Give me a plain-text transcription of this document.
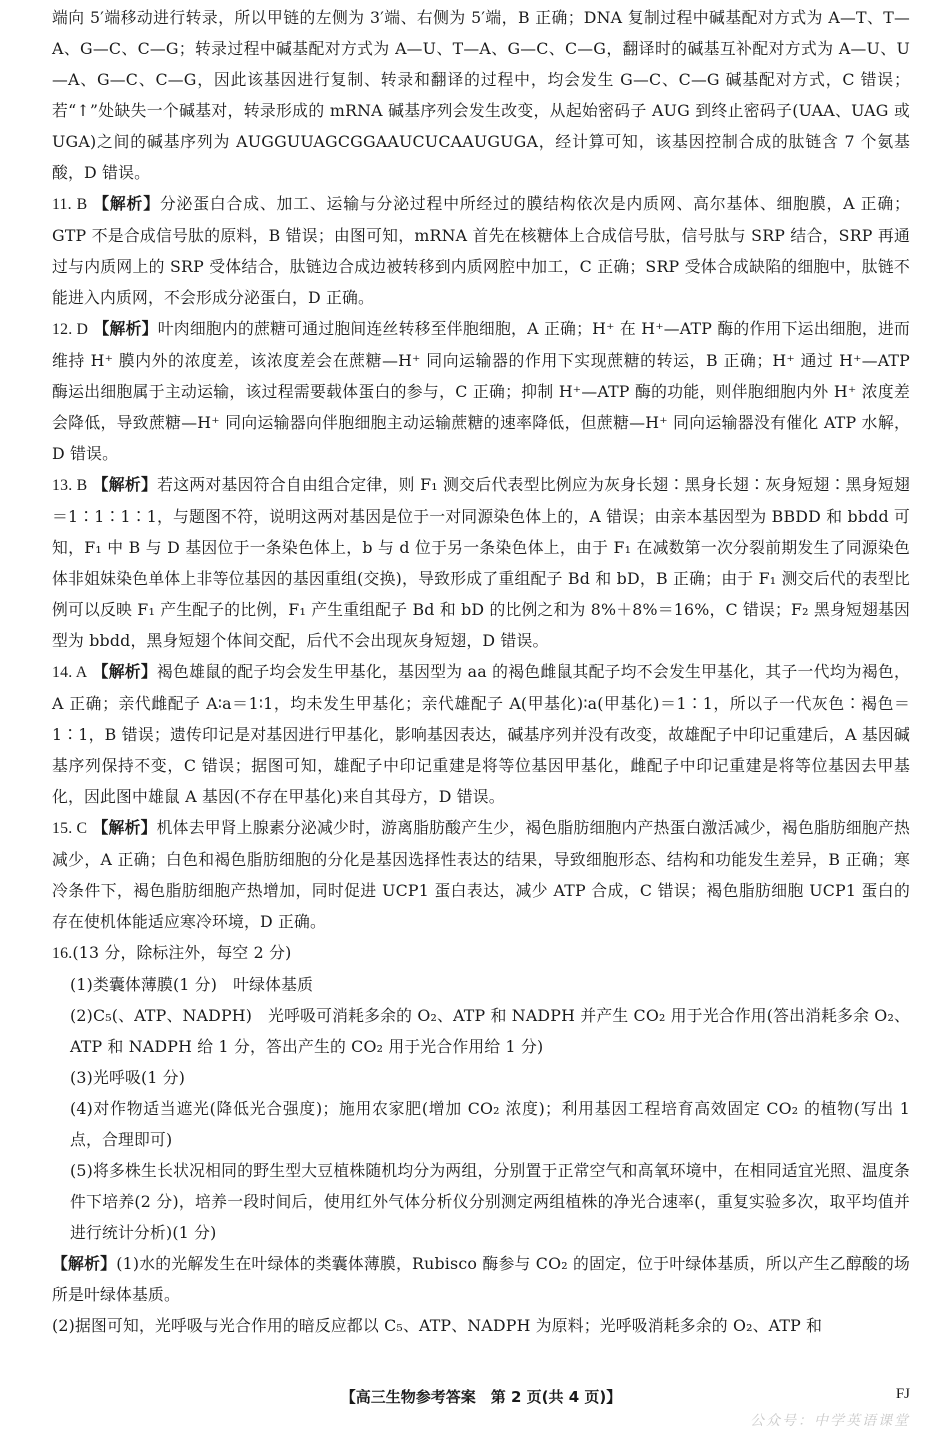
端向 5′端移动进行转录，所以甲链的左侧为 3′端、右侧为 5′端，B 正确；DNA 复制过程中碱基配对方式为 A—T、T—A、G—C、C—G；转录过程中碱基配对方式为 A—U、T—A、G—C、C—G，翻译时的碱基互补配对方式为 A—U、U—A、G—C、C—G，因此该基因进行复制、转录和翻译的过程中，均会发生 G—C、C—G 碱基配对方式，C 错误；若“↑”处缺失一个碱基对，转录形成的 mRNA 碱基序列会发生改变，从起始密码子 AUG 到终止密码子(UAA、UAG 或 UGA)之间的碱基序列为 AUGGUUAGCGGAAUCUCAAUGUGA，经计算可知，该基因控制合成的肽链含 7 个氨基酸，D 错误。

11. B 【解析】分泌蛋白合成、加工、运输与分泌过程中所经过的膜结构依次是内质网、高尔基体、细胞膜，A 正确；GTP 不是合成信号肽的原料，B 错误；由图可知，mRNA 首先在核糖体上合成信号肽，信号肽与 SRP 结合，SRP 再通过与内质网上的 SRP 受体结合，肽链边合成边被转移到内质网腔中加工，C 正确；SRP 受体合成缺陷的细胞中，肽链不能进入内质网，不会形成分泌蛋白，D 正确。

12. D 【解析】叶肉细胞内的蔗糖可通过胞间连丝转移至伴胞细胞，A 正确；H⁺ 在 H⁺—ATP 酶的作用下运出细胞，进而维持 H⁺ 膜内外的浓度差，该浓度差会在蔗糖—H⁺ 同向运输器的作用下实现蔗糖的转运，B 正确；H⁺ 通过 H⁺—ATP 酶运出细胞属于主动运输，该过程需要载体蛋白的参与，C 正确；抑制 H⁺—ATP 酶的功能，则伴胞细胞内外 H⁺ 浓度差会降低，导致蔗糖—H⁺ 同向运输器向伴胞细胞主动运输蔗糖的速率降低，但蔗糖—H⁺ 同向运输器没有催化 ATP 水解，D 错误。

13. B 【解析】若这两对基因符合自由组合定律，则 F₁ 测交后代表型比例应为灰身长翅∶黑身长翅∶灰身短翅∶黑身短翅＝1∶1∶1∶1，与题图不符，说明这两对基因是位于一对同源染色体上的，A 错误；由亲本基因型为 BBDD 和 bbdd 可知，F₁ 中 B 与 D 基因位于一条染色体上，b 与 d 位于另一条染色体上，由于 F₁ 在减数第一次分裂前期发生了同源染色体非姐妹染色单体上非等位基因的基因重组(交换)，导致形成了重组配子 Bd 和 bD，B 正确；由于 F₁ 测交后代的表型比例可以反映 F₁ 产生配子的比例，F₁ 产生重组配子 Bd 和 bD 的比例之和为 8%＋8%＝16%，C 错误；F₂ 黑身短翅基因型为 bbdd，黑身短翅个体间交配，后代不会出现灰身短翅，D 错误。

14. A 【解析】褐色雄鼠的配子均会发生甲基化，基因型为 aa 的褐色雌鼠其配子均不会发生甲基化，其子一代均为褐色，A 正确；亲代雌配子 A∶a＝1∶1，均未发生甲基化；亲代雄配子 A(甲基化)∶a(甲基化)＝1∶1，所以子一代灰色∶褐色＝1∶1，B 错误；遗传印记是对基因进行甲基化，影响基因表达，碱基序列并没有改变，故雄配子中印记重建后，A 基因碱基序列保持不变，C 错误；据图可知，雄配子中印记重建是将等位基因甲基化，雌配子中印记重建是将等位基因去甲基化，因此图中雄鼠 A 基因(不存在甲基化)来自其母方，D 错误。

15. C 【解析】机体去甲肾上腺素分泌减少时，游离脂肪酸产生少，褐色脂肪细胞内产热蛋白激活减少，褐色脂肪细胞产热减少，A 正确；白色和褐色脂肪细胞的分化是基因选择性表达的结果，导致细胞形态、结构和功能发生差异，B 正确；寒冷条件下，褐色脂肪细胞产热增加，同时促进 UCP1 蛋白表达，减少 ATP 合成，C 错误；褐色脂肪细胞 UCP1 蛋白的存在使机体能适应寒冷环境，D 正确。

16.(13 分，除标注外，每空 2 分)

(1)类囊体薄膜(1 分)　叶绿体基质

(2)C₅(、ATP、NADPH)　光呼吸可消耗多余的 O₂、ATP 和 NADPH 并产生 CO₂ 用于光合作用(答出消耗多余 O₂、ATP 和 NADPH 给 1 分，答出产生的 CO₂ 用于光合作用给 1 分)

(3)光呼吸(1 分)

(4)对作物适当遮光(降低光合强度)；施用农家肥(增加 CO₂ 浓度)；利用基因工程培育高效固定 CO₂ 的植物(写出 1 点，合理即可)

(5)将多株生长状况相同的野生型大豆植株随机均分为两组，分别置于正常空气和高氧环境中，在相同适宜光照、温度条件下培养(2 分)，培养一段时间后，使用红外气体分析仪分别测定两组植株的净光合速率(，重复实验多次，取平均值并进行统计分析)(1 分)

【解析】(1)水的光解发生在叶绿体的类囊体薄膜，Rubisco 酶参与 CO₂ 的固定，位于叶绿体基质，所以产生乙醇酸的场所是叶绿体基质。

(2)据图可知，光呼吸与光合作用的暗反应都以 C₅、ATP、NADPH 为原料；光呼吸消耗多余的 O₂、ATP 和

【高三生物参考答案　第 2 页(共 4 页)】	FJ
公众号：中学英语课堂
